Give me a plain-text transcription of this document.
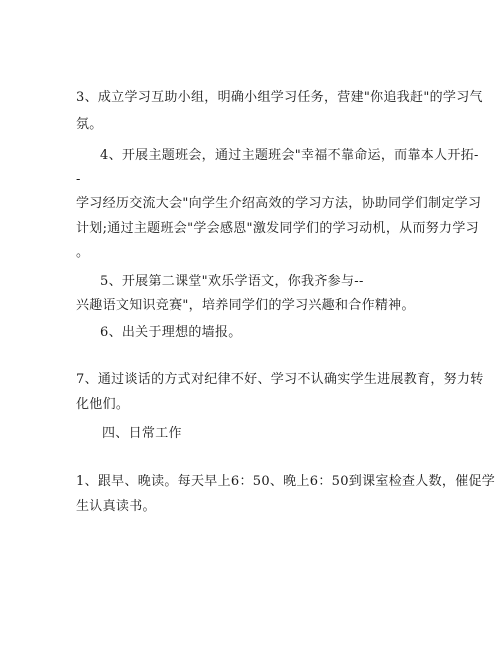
3、成立学习互助小组，明确小组学习任务，营建"你追我赶"的学习气
氛。
4、开展主题班会，通过主题班会"幸福不靠命运，而靠本人开拓-
-
学习经历交流大会"向学生介绍高效的学习方法，协助同学们制定学习
计划;通过主题班会"学会感恩"激发同学们的学习动机，从而努力学习
。
5、开展第二课堂"欢乐学语文，你我齐参与--
兴趣语文知识竞赛"，培养同学们的学习兴趣和合作精神。
6、出关于理想的墙报。
7、通过谈话的方式对纪律不好、学习不认确实学生进展教育，努力转
化他们。
四、日常工作
1、跟早、晚读。每天早上6：50、晚上6：50到课室检查人数，催促学
生认真读书。
